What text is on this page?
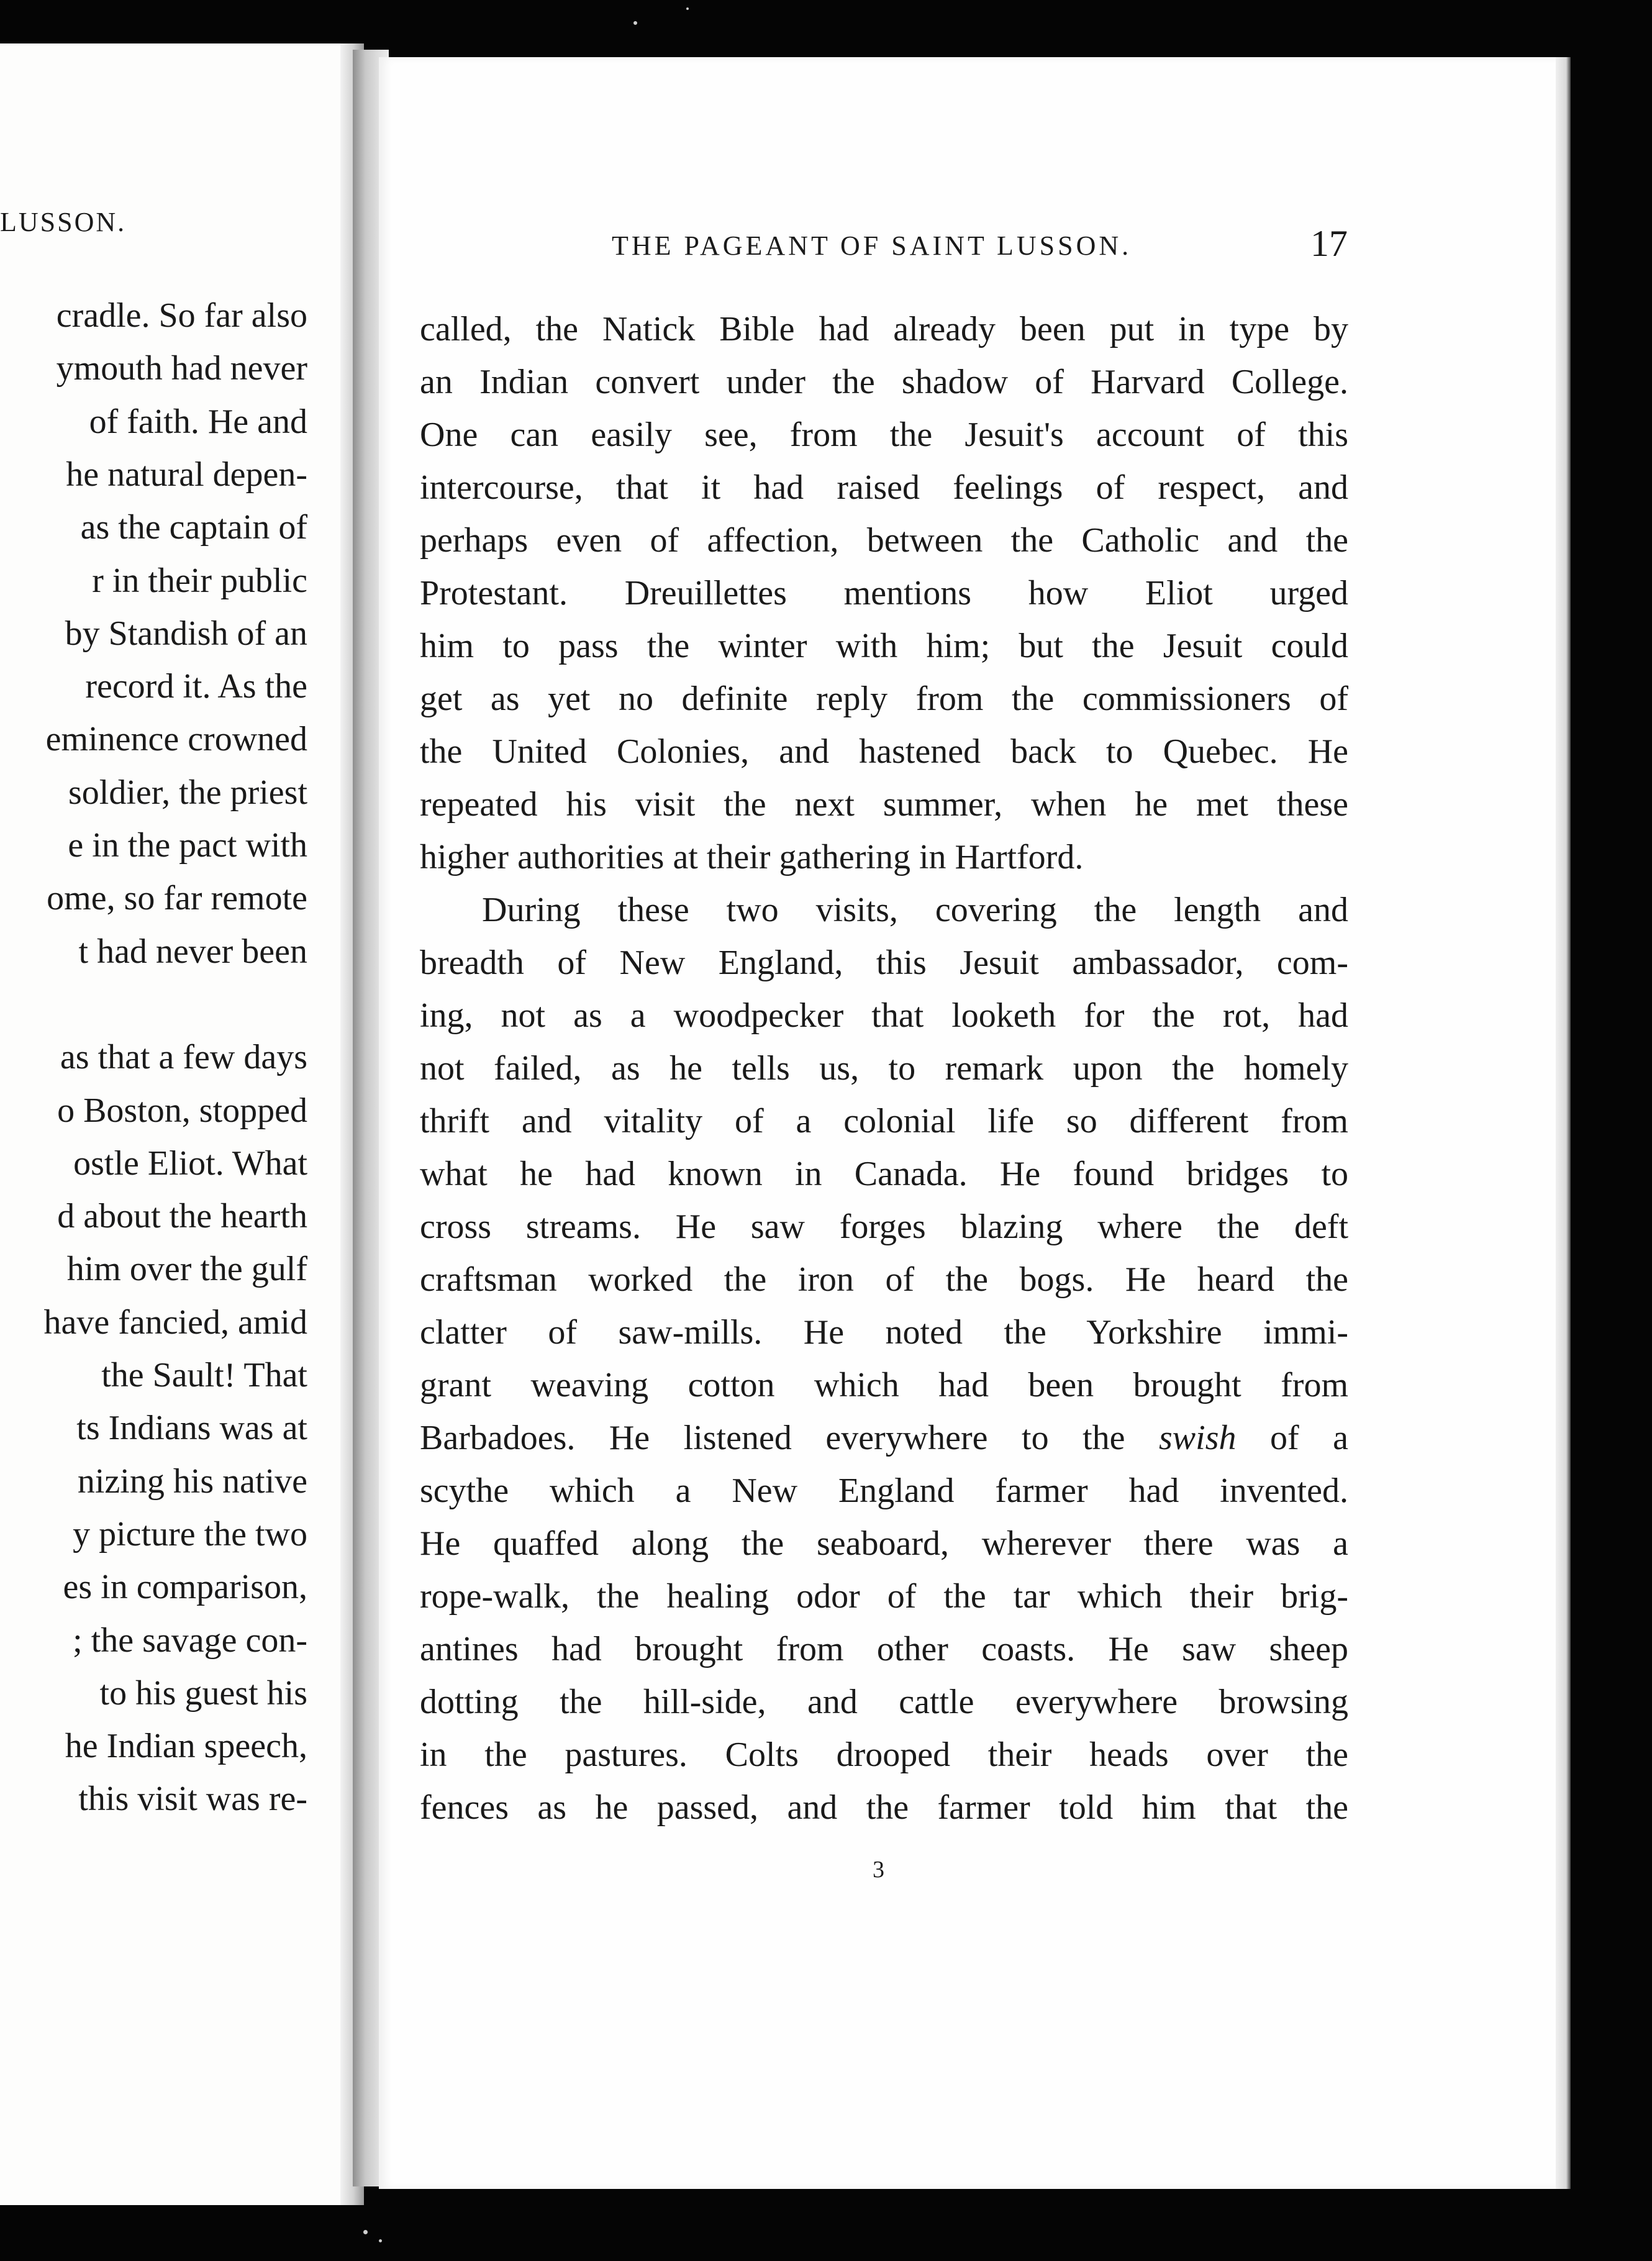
LUSSON.
cradle. So far also
ymouth had never
of faith. He and
he natural depen-
as the captain of
r in their public
by Standish of an
record it. As the
eminence crowned
soldier, the priest
e in the pact with
ome, so far remote
t had never been
as that a few days
o Boston, stopped
ostle Eliot. What
d about the hearth
him over the gulf
have fancied, amid
the Sault! That
ts Indians was at
nizing his native
y picture the two
es in comparison,
; the savage con-
to his guest his
he Indian speech,
this visit was re-
THE PAGEANT OF SAINT LUSSON.	17
called, the Natick Bible had already been put in type by
an Indian convert under the shadow of Harvard College.
One can easily see, from the Jesuit's account of this
intercourse, that it had raised feelings of respect, and
perhaps even of affection, between the Catholic and the
Protestant. Dreuillettes mentions how Eliot urged
him to pass the winter with him; but the Jesuit could
get as yet no definite reply from the commissioners of
the United Colonies, and hastened back to Quebec. He
repeated his visit the next summer, when he met these
higher authorities at their gathering in Hartford.
During these two visits, covering the length and
breadth of New England, this Jesuit ambassador, com-
ing, not as a woodpecker that looketh for the rot, had
not failed, as he tells us, to remark upon the homely
thrift and vitality of a colonial life so different from
what he had known in Canada. He found bridges to
cross streams. He saw forges blazing where the deft
craftsman worked the iron of the bogs. He heard the
clatter of saw-mills. He noted the Yorkshire immi-
grant weaving cotton which had been brought from
Barbadoes. He listened everywhere to the swish of a
scythe which a New England farmer had invented.
He quaffed along the seaboard, wherever there was a
rope-walk, the healing odor of the tar which their brig-
antines had brought from other coasts. He saw sheep
dotting the hill-side, and cattle everywhere browsing
in the pastures. Colts drooped their heads over the
fences as he passed, and the farmer told him that the
3
